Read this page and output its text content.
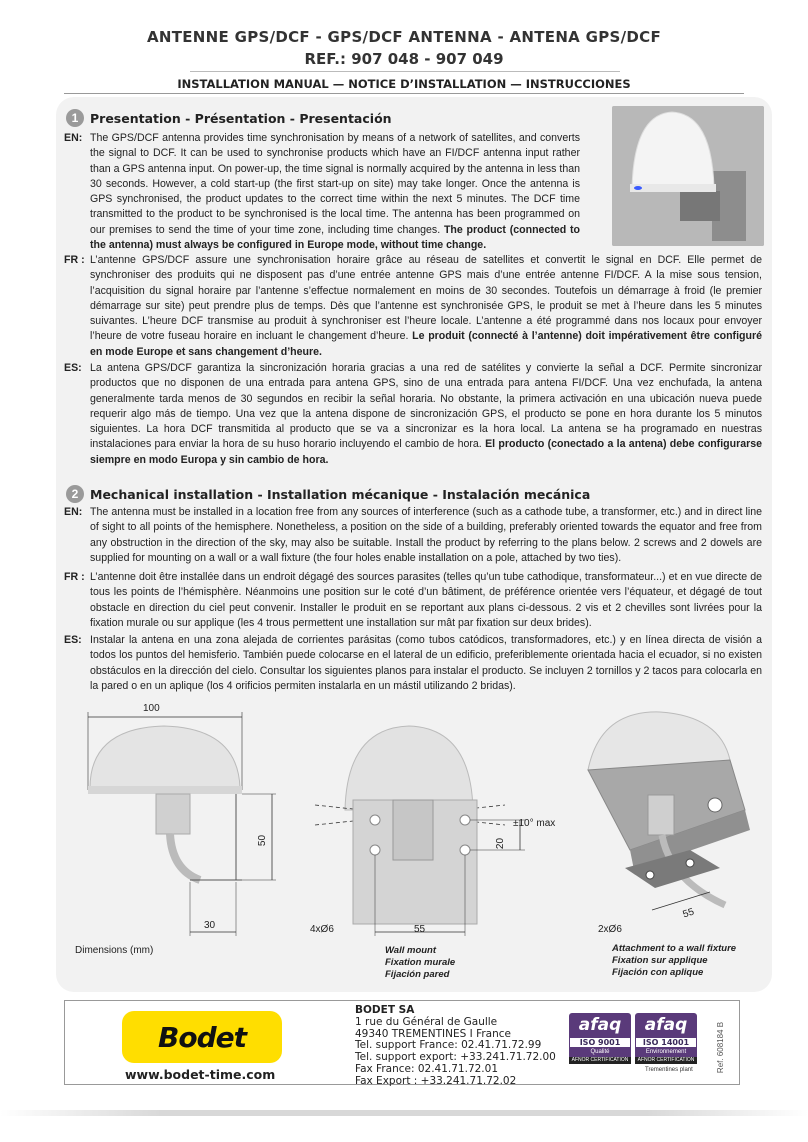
ANTENNE GPS/DCF - GPS/DCF ANTENNA - ANTENA GPS/DCF
REF.: 907 048 - 907 049
INSTALLATION MANUAL — NOTICE D’INSTALLATION — INSTRUCCIONES
1 Presentation - Présentation - Presentación
EN: The GPS/DCF antenna provides time synchronisation by means of a network of satellites, and converts the signal to DCF. It can be used to synchronise products which have an FI/DCF antenna input rather than a GPS antenna input. On power-up, the time signal is normally acquired by the antenna in less than 30 seconds. However, a cold start-up (the first start-up on site) may take longer. Once the antenna is GPS synchronised, the product updates to the correct time within the next 5 minutes. The DCF time transmitted to the product to be synchronised is the local time. The antenna has been programmed on our premises to send the time of your time zone, including time changes. The product (connected to the antenna) must always be configured in Europe mode, without time change.
FR : L’antenne GPS/DCF assure une synchronisation horaire grâce au réseau de satellites et convertit le signal en DCF. Elle permet de synchroniser des produits qui ne disposent pas d’une entrée antenne GPS mais d’une entrée antenne FI/DCF. A la mise sous tension, l’acquisition du signal horaire par l’antenne s’effectue normalement en moins de 30 secondes. Toutefois un démarrage à froid (le premier démarrage sur site) peut prendre plus de temps. Dès que l’antenne est synchronisée GPS, le produit se met à l’heure dans les 5 minutes suivantes. L’heure DCF transmise au produit à synchroniser est l’heure locale. L’antenne a été programmé dans nos locaux pour envoyer l’heure de votre fuseau horaire en incluant le changement d’heure. Le produit (connecté à l’antenne) doit impérativement être configuré en mode Europe et sans changement d’heure.
ES: La antena GPS/DCF garantiza la sincronización horaria gracias a una red de satélites y convierte la señal a DCF. Permite sincronizar productos que no disponen de una entrada para antena GPS, sino de una entrada para antena FI/DCF. Una vez enchufada, la antena generalmente tarda menos de 30 segundos en recibir la señal horaria. No obstante, la primera activación en una ubicación nueva puede requerir algo más de tiempo. Una vez que la antena dispone de sincronización GPS, el producto se pone en hora durante los 5 minutos siguientes. La hora DCF transmitida al producto que se va a sincronizar es la hora local. La antena se ha programado en nuestras instalaciones para enviar la hora de su huso horario incluyendo el cambio de hora. El producto (conectado a la antena) debe configurarse siempre en modo Europa y sin cambio de hora.
2 Mechanical installation - Installation mécanique - Instalación mecánica
EN: The antenna must be installed in a location free from any sources of interference (such as a cathode tube, a transformer, etc.) and in direct line of sight to all points of the hemisphere. Nonetheless, a position on the side of a building, preferably oriented towards the equator and free from any obstruction in the direction of the sky, may also be suitable. Install the product by referring to the plans below. 2 screws and 2 dowels are supplied for mounting on a wall or a wall fixture (the four holes enable installation on a pole, attached by two ties).
FR : L’antenne doit être installée dans un endroit dégagé des sources parasites (telles qu’un tube cathodique, transformateur...) et en vue directe de tous les points de l’hémisphère. Néanmoins une position sur le coté d’un bâtiment, de préférence orientée vers l’équateur, et dégagé de tout obstacle en direction du ciel peut convenir. Installer le produit en se reportant aux plans ci-dessous. 2 vis et 2 chevilles sont livrées pour la fixation murale ou sur applique (les 4 trous permettent une installation sur mât par fixation sur deux brides).
ES: Instalar la antena en una zona alejada de corrientes parásitas (como tubos catódicos, transformadores, etc.) y en línea directa de visión a todos los puntos del hemisferio. También puede colocarse en el lateral de un edificio, preferiblemente orientada hacia el ecuador, si no existen obstáculos en la dirección del cielo. Consultar los siguientes planos para instalar el producto. Se incluyen 2 tornillos y 2 tacos para colocarla en la pared o en un aplique (los 4 orificios permiten instalarla en un mástil utilizando 2 bridas).
100
50
30
Dimensions (mm)
±10° max
20
4xØ6	55
Wall mount
Fixation murale
Fijación pared
2xØ6
55
Attachment to a wall fixture
Fixation sur applique
Fijación con aplique
Bodet
www.bodet-time.com
BODET SA
1 rue du Général de Gaulle
49340 TREMENTINES I France
Tel. support France: 02.41.71.72.99
Tel. support export: +33.241.71.72.00
Fax France: 02.41.71.72.01
Fax Export : +33.241.71.72.02
afaq
ISO 9001
Qualité
AFNOR CERTIFICATION
afaq
ISO 14001
Environnement
AFNOR CERTIFICATION
Trementines plant	Ref. 608184 B
